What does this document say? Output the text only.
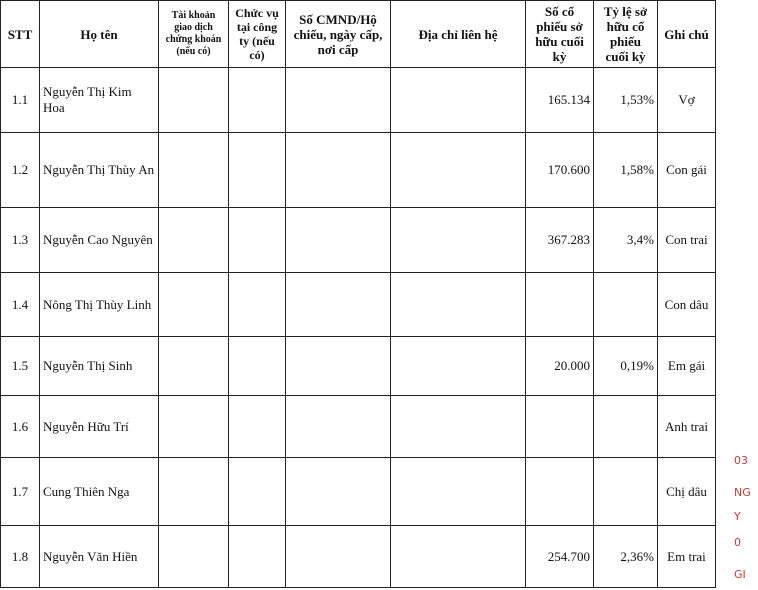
STT	Họ tên	Tài khoản giao dịch chứng khoán (nếu có)	Chức vụ tại công ty (nếu có)	Số CMND/Hộ chiếu, ngày cấp, nơi cấp	Địa chỉ liên hệ	Số cổ phiếu sở hữu cuối kỳ	Tỷ lệ sở hữu cổ phiếu cuối kỳ	Ghi chú
1.1	Nguyễn Thị Kim Hoa					165.134	1,53%	Vợ
1.2	Nguyễn Thị Thùy An					170.600	1,58%	Con gái
1.3	Nguyễn Cao Nguyên					367.283	3,4%	Con trai
1.4	Nông Thị Thùy Linh							Con dâu
1.5	Nguyễn Thị Sinh					20.000	0,19%	Em gái
1.6	Nguyễn Hữu Trí							Anh trai
1.7	Cung Thiên Nga							Chị dâu
1.8	Nguyễn Văn Hiền					254.700	2,36%	Em trai
03
NG
Y
0
GI
